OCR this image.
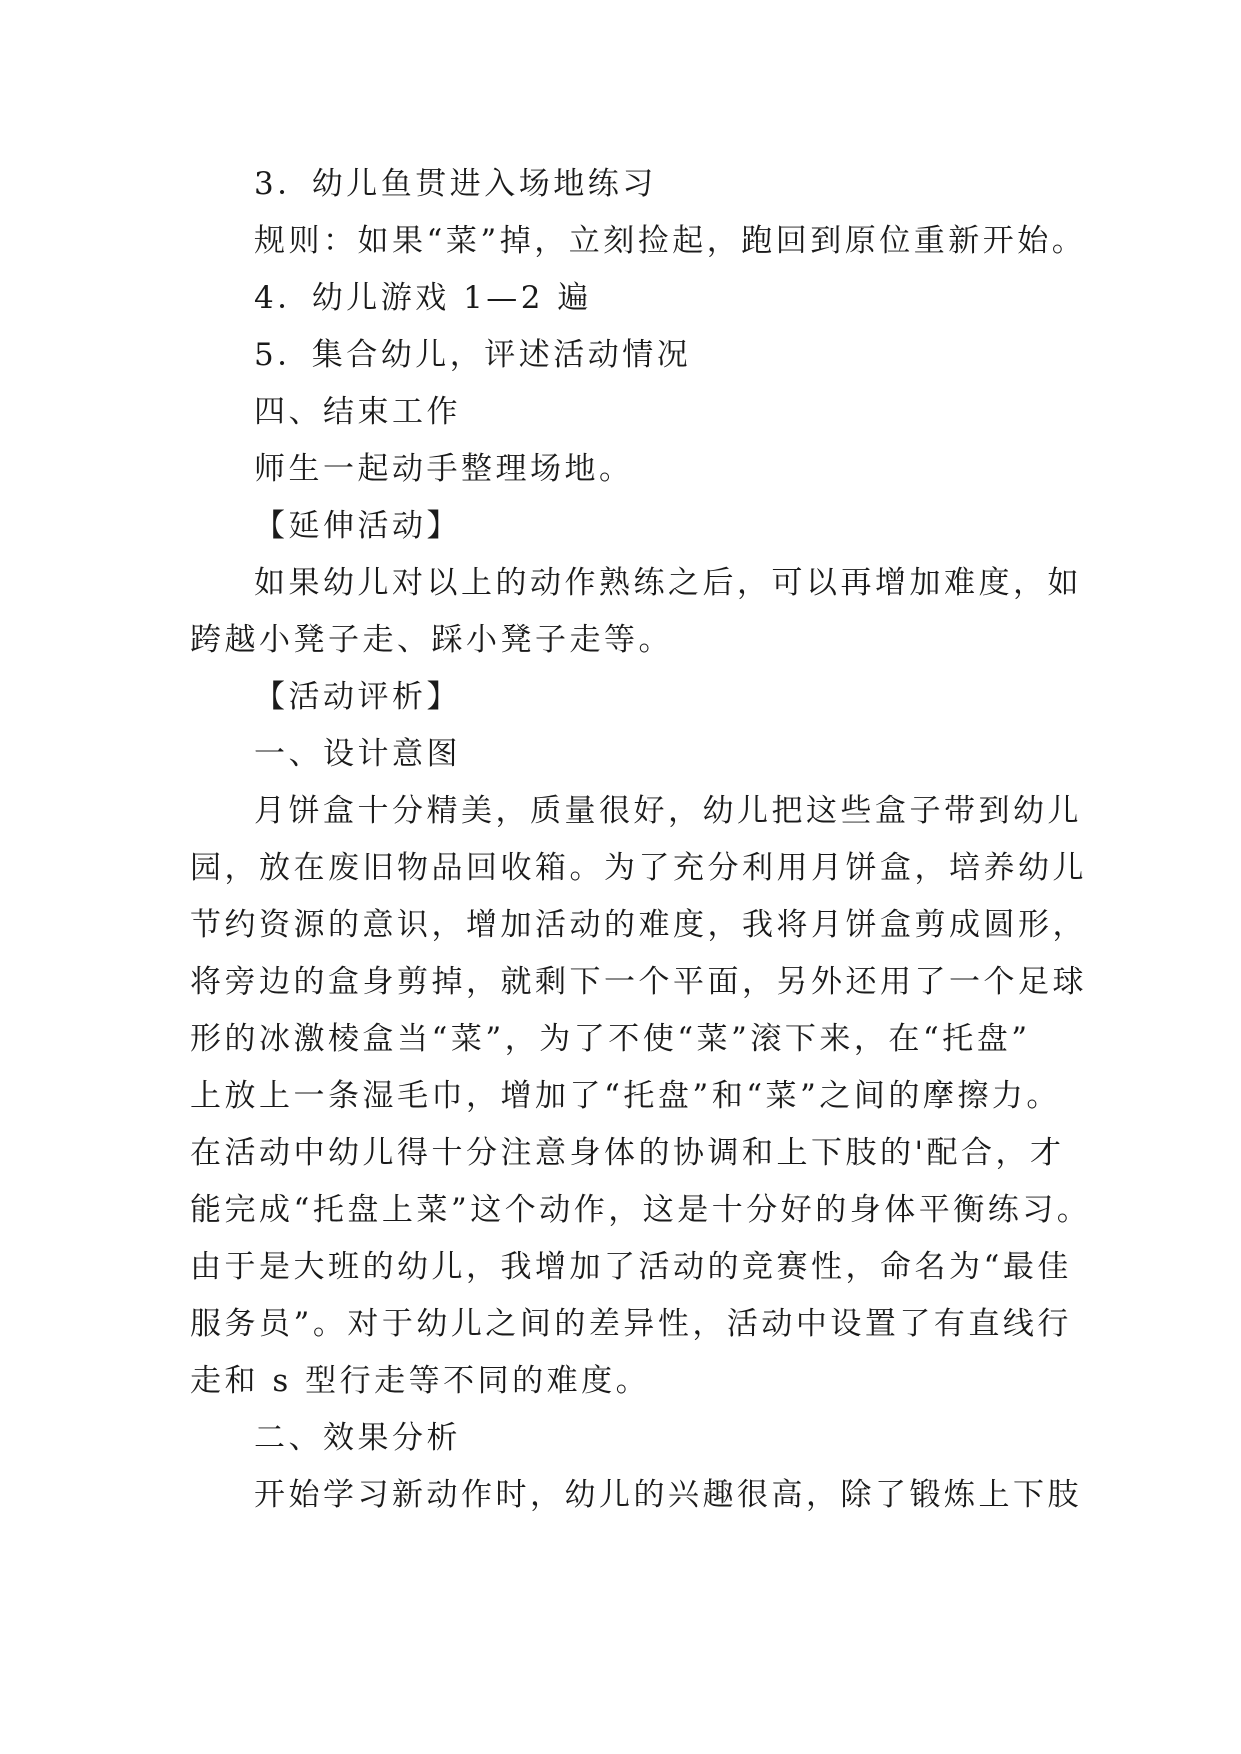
3．幼儿鱼贯进入场地练习
规则：如果“菜”掉，立刻捡起，跑回到原位重新开始。
4．幼儿游戏 1—2 遍
5．集合幼儿，评述活动情况
四、结束工作
师生一起动手整理场地。
【延伸活动】
如果幼儿对以上的动作熟练之后，可以再增加难度，如
跨越小凳子走、踩小凳子走等。
【活动评析】
一、设计意图
月饼盒十分精美，质量很好，幼儿把这些盒子带到幼儿
园，放在废旧物品回收箱。为了充分利用月饼盒，培养幼儿
节约资源的意识，增加活动的难度，我将月饼盒剪成圆形，
将旁边的盒身剪掉，就剩下一个平面，另外还用了一个足球
形的冰激棱盒当“菜”，为了不使“菜”滚下来，在“托盘”
上放上一条湿毛巾，增加了“托盘”和“菜”之间的摩擦力。
在活动中幼儿得十分注意身体的协调和上下肢的'配合，才
能完成“托盘上菜”这个动作，这是十分好的身体平衡练习。
由于是大班的幼儿，我增加了活动的竞赛性，命名为“最佳
服务员”。对于幼儿之间的差异性，活动中设置了有直线行
走和 s 型行走等不同的难度。
二、效果分析
开始学习新动作时，幼儿的兴趣很高，除了锻炼上下肢
